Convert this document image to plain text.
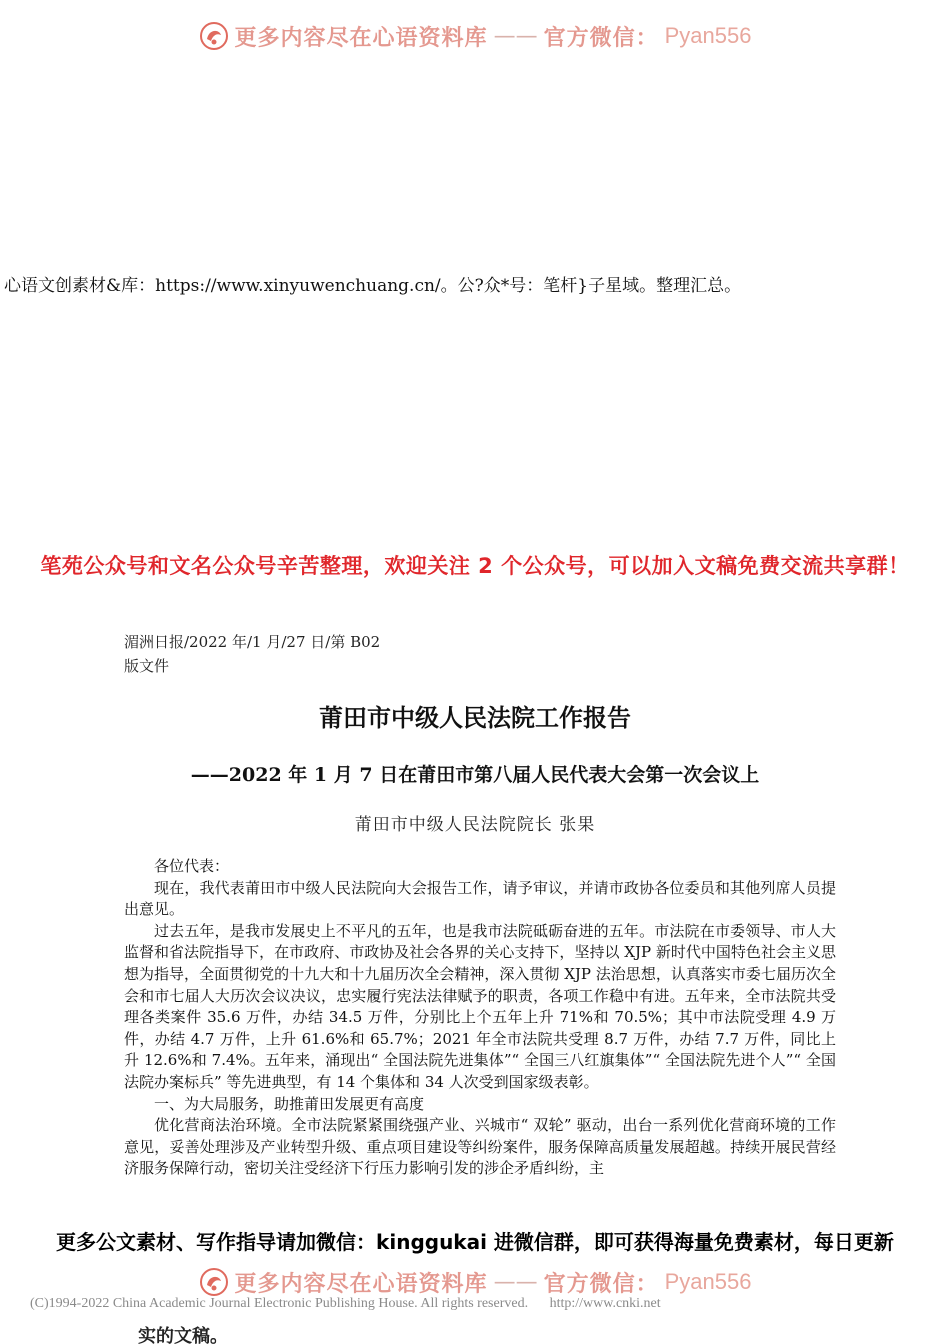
更多内容尽在心语资料库 —— 官方微信： Pyan556
心语文创素材&库：https://www.xinyuwenchuang.cn/。公?众*号：笔杆}子星域。整理汇总。
笔苑公众号和文名公众号辛苦整理，欢迎关注 2 个公众号，可以加入文稿免费交流共享群！
湄洲日报/2022 年/1 月/27 日/第 B02
版文件
莆田市中级人民法院工作报告
——2022 年 1 月 7 日在莆田市第八届人民代表大会第一次会议上
莆田市中级人民法院院长 张果

各位代表：

现在，我代表莆田市中级人民法院向大会报告工作，请予审议，并请市政协各位委员和其他列席人员提出意见。

过去五年，是我市发展史上不平凡的五年，也是我市法院砥砺奋进的五年。市法院在市委领导、市人大监督和省法院指导下，在市政府、市政协及社会各界的关心支持下，坚持以 XJP 新时代中国特色社会主义思想为指导，全面贯彻党的十九大和十九届历次全会精神，深入贯彻 XJP 法治思想，认真落实市委七届历次全会和市七届人大历次会议决议，忠实履行宪法法律赋予的职责，各项工作稳中有进。五年来，全市法院共受理各类案件 35.6 万件，办结 34.5 万件，分别比上个五年上升 71%和 70.5%；其中市法院受理 4.9 万件，办结 4.7 万件，上升 61.6%和 65.7%；2021 年全市法院共受理 8.7 万件，办结 7.7 万件，同比上升 12.6%和 7.4%。五年来，涌现出“ 全国法院先进集体”“ 全国三八红旗集体”“ 全国法院先进个人”“ 全国法院办案标兵” 等先进典型，有 14 个集体和 34 人次受到国家级表彰。

一、为大局服务，助推莆田发展更有高度

优化营商法治环境。全市法院紧紧围绕强产业、兴城市“ 双轮” 驱动，出台一系列优化营商环境的工作意见，妥善处理涉及产业转型升级、重点项目建设等纠纷案件，服务保障高质量发展超越。持续开展民营经济服务保障行动，密切关注受经济下行压力影响引发的涉企矛盾纠纷，主

更多公文素材、写作指导请加微信：kinggukai 进微信群，即可获得海量免费素材，每日更新
更多内容尽在心语资料库 —— 官方微信： Pyan556
(C)1994-2022 China Academic Journal Electronic Publishing House. All rights reserved. http://www.cnki.net
实的文稿。
